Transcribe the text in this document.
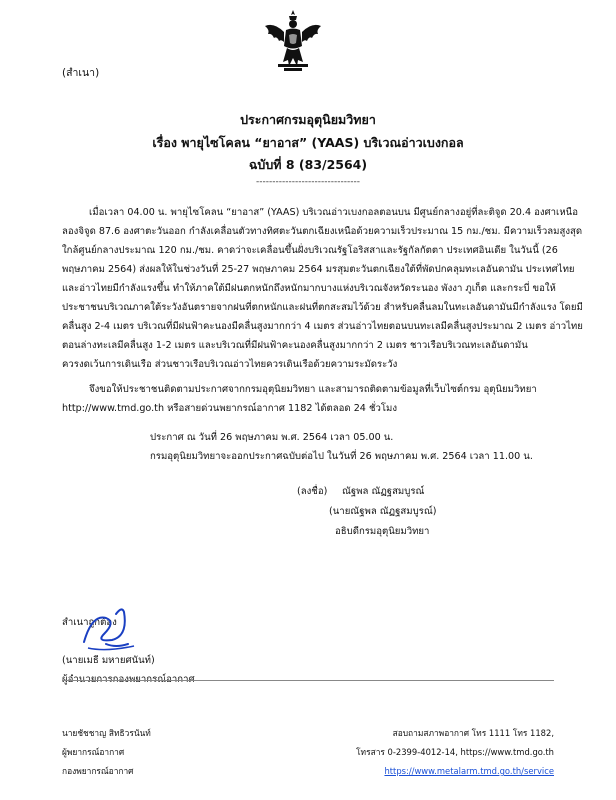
(สำเนา)
ประกาศกรมอุตุนิยมวิทยา
เรื่อง พายุไซโคลน “ยาอาส” (YAAS) บริเวณอ่าวเบงกอล
ฉบับที่ 8 (83/2564)
--------------------------------
เมื่อเวลา 04.00 น. พายุไซโคลน “ยาอาส” (YAAS) บริเวณอ่าวเบงกอลตอนบน มีศูนย์กลางอยู่ที่ละติจูด 20.4 องศาเหนือ
ลองจิจูด 87.6 องศาตะวันออก กำลังเคลื่อนตัวทางทิศตะวันตกเฉียงเหนือด้วยความเร็วประมาณ 15 กม./ชม. มีความเร็วลมสูงสุด
ใกล้ศูนย์กลางประมาณ 120 กม./ชม. คาดว่าจะเคลื่อนขึ้นฝั่งบริเวณรัฐโอริสสาและรัฐกัลกัตตา ประเทศอินเดีย ในวันนี้ (26
พฤษภาคม 2564) ส่งผลให้ในช่วงวันที่ 25-27 พฤษภาคม 2564 มรสุมตะวันตกเฉียงใต้ที่พัดปกคลุมทะเลอันดามัน ประเทศไทย
และอ่าวไทยมีกำลังแรงขึ้น ทำให้ภาคใต้มีฝนตกหนักถึงหนักมากบางแห่งบริเวณจังหวัดระนอง พังงา ภูเก็ต และกระบี่ ขอให้
ประชาชนบริเวณภาคใต้ระวังอันตรายจากฝนที่ตกหนักและฝนที่ตกสะสมไว้ด้วย สำหรับคลื่นลมในทะเลอันดามันมีกำลังแรง โดยมี
คลื่นสูง 2-4 เมตร บริเวณที่มีฝนฟ้าคะนองมีคลื่นสูงมากกว่า 4 เมตร ส่วนอ่าวไทยตอนบนทะเลมีคลื่นสูงประมาณ 2 เมตร อ่าวไทย
ตอนล่างทะเลมีคลื่นสูง 1-2 เมตร และบริเวณที่มีฝนฟ้าคะนองคลื่นสูงมากกว่า 2 เมตร ชาวเรือบริเวณทะเลอันดามัน
ควรงดเว้นการเดินเรือ ส่วนชาวเรือบริเวณอ่าวไทยควรเดินเรือด้วยความระมัดระวัง
จึงขอให้ประชาชนติดตามประกาศจากกรมอุตุนิยมวิทยา และสามารถติดตามข้อมูลที่เว็บไซต์กรม อุตุนิยมวิทยา
http://www.tmd.go.th หรือสายด่วนพยากรณ์อากาศ 1182 ได้ตลอด 24 ชั่วโมง
ประกาศ ณ วันที่ 26 พฤษภาคม พ.ศ. 2564 เวลา 05.00 น.
กรมอุตุนิยมวิทยาจะออกประกาศฉบับต่อไป ในวันที่ 26 พฤษภาคม พ.ศ. 2564 เวลา 11.00 น.
(ลงชื่อ) ณัฐพล ณัฏฐสมบูรณ์
(นายณัฐพล ณัฏฐสมบูรณ์)
อธิบดีกรมอุตุนิยมวิทยา
สำเนาถูกต้อง
(นายเมธี มหายศนันท์)
นายชัชชาญ สิทธิวรนันท์
ผู้พยากรณ์อากาศ
กองพยากรณ์อากาศ
สอบถามสภาพอากาศ โทร 1111 โทร 1182,
โทรสาร 0-2399-4012-14, https://www.tmd.go.th
https://www.metalarm.tmd.go.th/service
